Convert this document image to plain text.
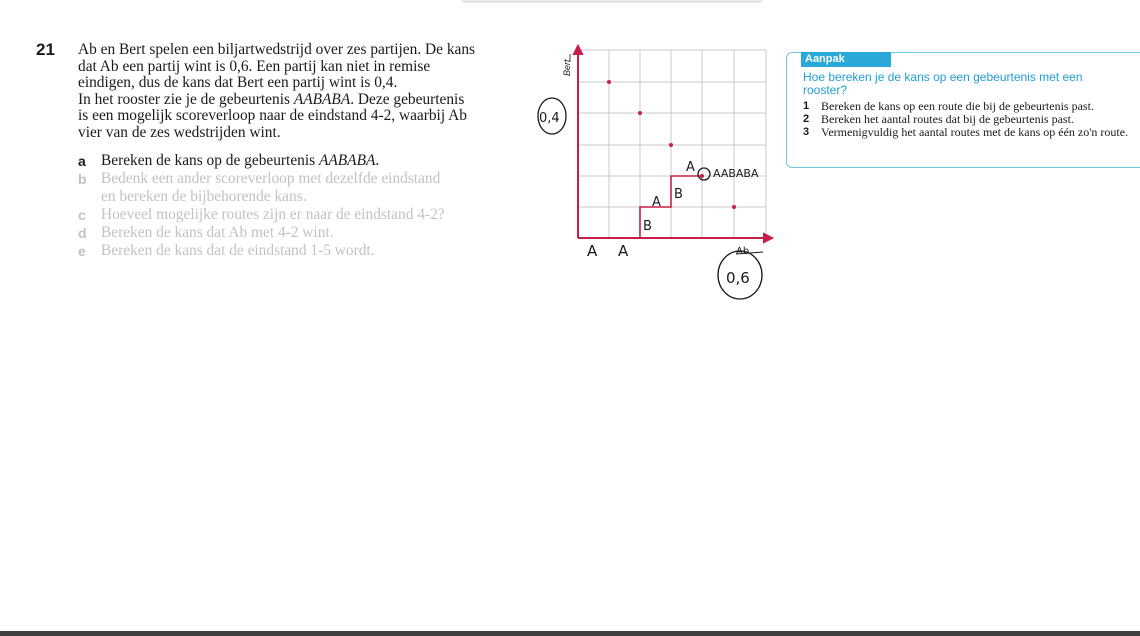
21 Ab en Bert spelen een biljartwedstrijd over zes partijen. De kans
dat Ab een partij wint is 0,6. Een partij kan niet in remise
eindigen, dus de kans dat Bert een partij wint is 0,4.
In het rooster zie je de gebeurtenis AABABA. Deze gebeurtenis
is een mogelijk scoreverloop naar de eindstand 4-2, waarbij Ab
vier van de zes wedstrijden wint.
a Bereken de kans op de gebeurtenis AABABA.
b Bedenk een ander scoreverloop met dezelfde eindstand
en bereken de bijbehorende kans.
c Hoeveel mogelijke routes zijn er naar de eindstand 4-2?
d Bereken de kans dat Ab met 4-2 wint.
e Bereken de kans dat de eindstand 1-5 wordt.
Bert
0,4
0,6
AABABA
Ab
A A
B
A
B
A
Aanpak
Hoe bereken je de kans op een gebeurtenis met een rooster?
1 Bereken de kans op een route die bij de gebeurtenis past.
2 Bereken het aantal routes dat bij de gebeurtenis past.
3 Vermenigvuldig het aantal routes met de kans op één zo'n route.
